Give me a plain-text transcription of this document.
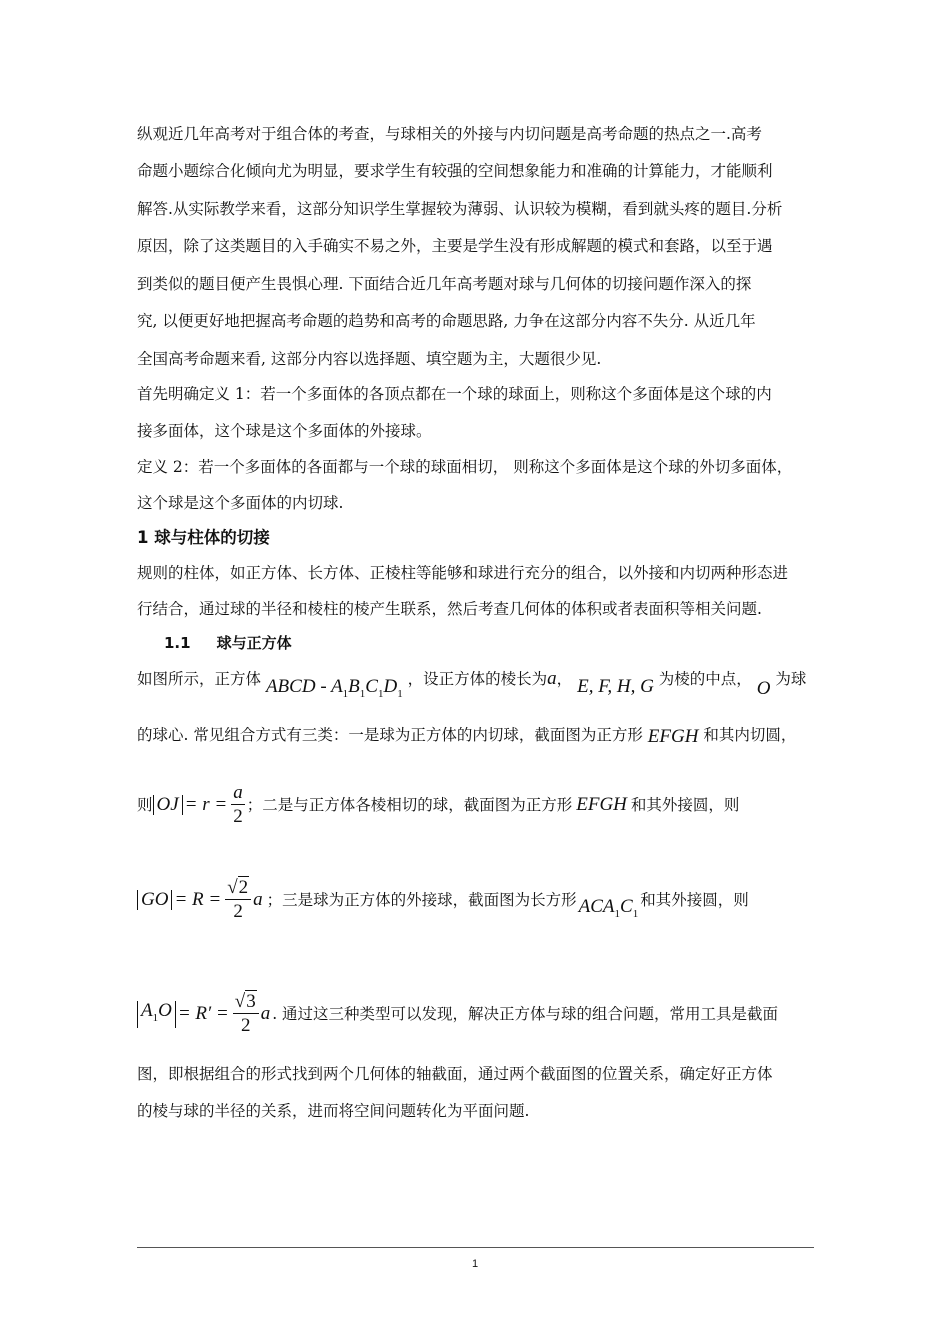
纵观近几年高考对于组合体的考查，与球相关的外接与内切问题是高考命题的热点之一.高考
命题小题综合化倾向尤为明显，要求学生有较强的空间想象能力和准确的计算能力，才能顺利
解答.从实际教学来看，这部分知识学生掌握较为薄弱、认识较为模糊，看到就头疼的题目.分析
原因，除了这类题目的入手确实不易之外，主要是学生没有形成解题的模式和套路，以至于遇
到类似的题目便产生畏惧心理. 下面结合近几年高考题对球与几何体的切接问题作深入的探
究, 以便更好地把握高考命题的趋势和高考的命题思路, 力争在这部分内容不失分. 从近几年
全国高考命题来看, 这部分内容以选择题、填空题为主，大题很少见.
首先明确定义 1：若一个多面体的各顶点都在一个球的球面上，则称这个多面体是这个球的内
接多面体，这个球是这个多面体的外接球。
定义 2：若一个多面体的各面都与一个球的球面相切， 则称这个多面体是这个球的外切多面体，
这个球是这个多面体的内切球.
1 球与柱体的切接
规则的柱体，如正方体、长方体、正棱柱等能够和球进行充分的组合，以外接和内切两种形态进
行结合，通过球的半径和棱柱的棱产生联系，然后考查几何体的体积或者表面积等相关问题.
1.1 球与正方体
如图所示，正方体 ABCD - $A_1B_1C_1D_1$ ，设正方体的棱长为a， E, F, H, G 为棱的中点， O 为球
的球心. 常见组合方式有三类：一是球为正方体的内切球，截面图为正方形 EFGH 和其内切圆，
则 OJ = $r = \frac{a}{2}$ ；二是与正方体各棱相切的球，截面图为正方形 EFGH 和其外接圆，则
GO = $R = \frac{√2}{2}$ a ；三是球为正方体的外接球，截面图为长方形 $ACA_1C_1$
和其外接圆，则
$A_1O = R' = \frac{√3}{2}$ a . 通过这三种类型可以发现，解决正方体与球的组合问题，常用工具是截面
图，即根据组合的形式找到两个几何体的轴截面，通过两个截面图的位置关系，确定好正方体
的棱与球的半径的关系，进而将空间问题转化为平面问题.
1
